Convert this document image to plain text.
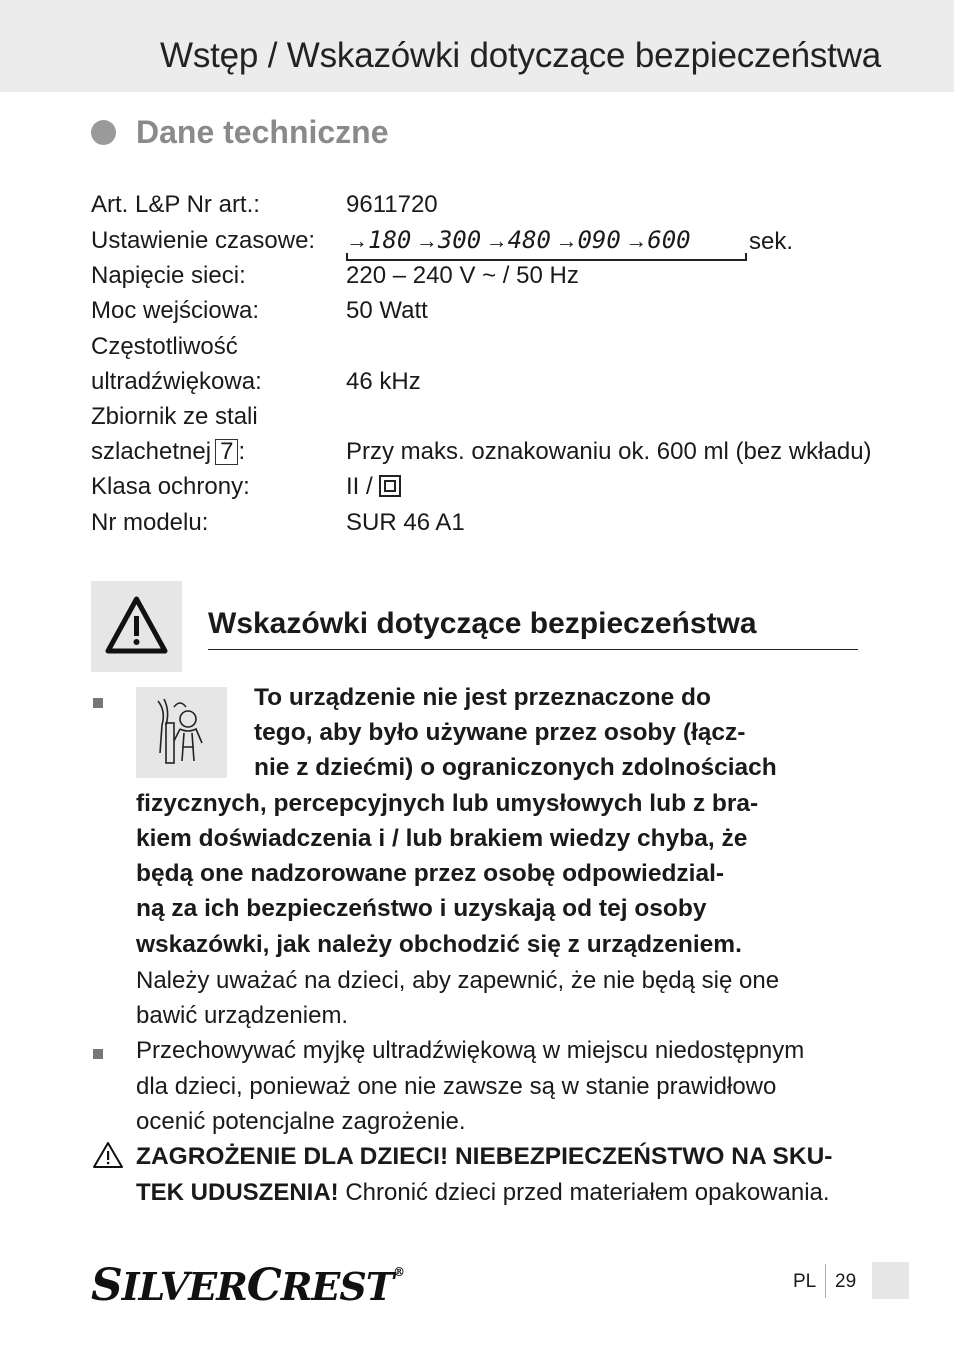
Wstęp / Wskazówki dotyczące bezpieczeństwa
Dane techniczne
Art. L&P Nr art.:	9611720
Ustawienie czasowe: →180 →300 →480 →090 →600	sek.
Napięcie sieci:	220 – 240 V ~ / 50 Hz
Moc wejściowa:	50 Watt
Częstotliwość
ultradźwiękowa:	46 kHz
Zbiornik ze stali
szlachetnej 7 :	Przy maks. oznakowaniu ok. 600 ml (bez wkładu)
Klasa ochrony:	II /
Nr modelu:	SUR 46 A1
Wskazówki dotyczące bezpieczeństwa
To urządzenie nie jest przeznaczone do
tego, aby było używane przez osoby (łącz-
nie z dziećmi) o ograniczonych zdolnościach
fizycznych, percepcyjnych lub umysłowych lub z bra-
kiem doświadczenia i / lub brakiem wiedzy chyba, że
będą one nadzorowane przez osobę odpowiedzial-
ną za ich bezpieczeństwo i uzyskają od tej osoby
wskazówki, jak należy obchodzić się z urządzeniem.
Należy uważać na dzieci, aby zapewnić, że nie będą się one
bawić urządzeniem.
Przechowywać myjkę ultradźwiękową w miejscu niedostępnym
dla dzieci, ponieważ one nie zawsze są w stanie prawidłowo
ocenić potencjalne zagrożenie.
ZAGROŻENIE DLA DZIECI! NIEBEZPIECZEŃSTWO NA SKU-
TEK UDUSZENIA! Chronić dzieci przed materiałem opakowania.
SILVERCREST®	PL 29
